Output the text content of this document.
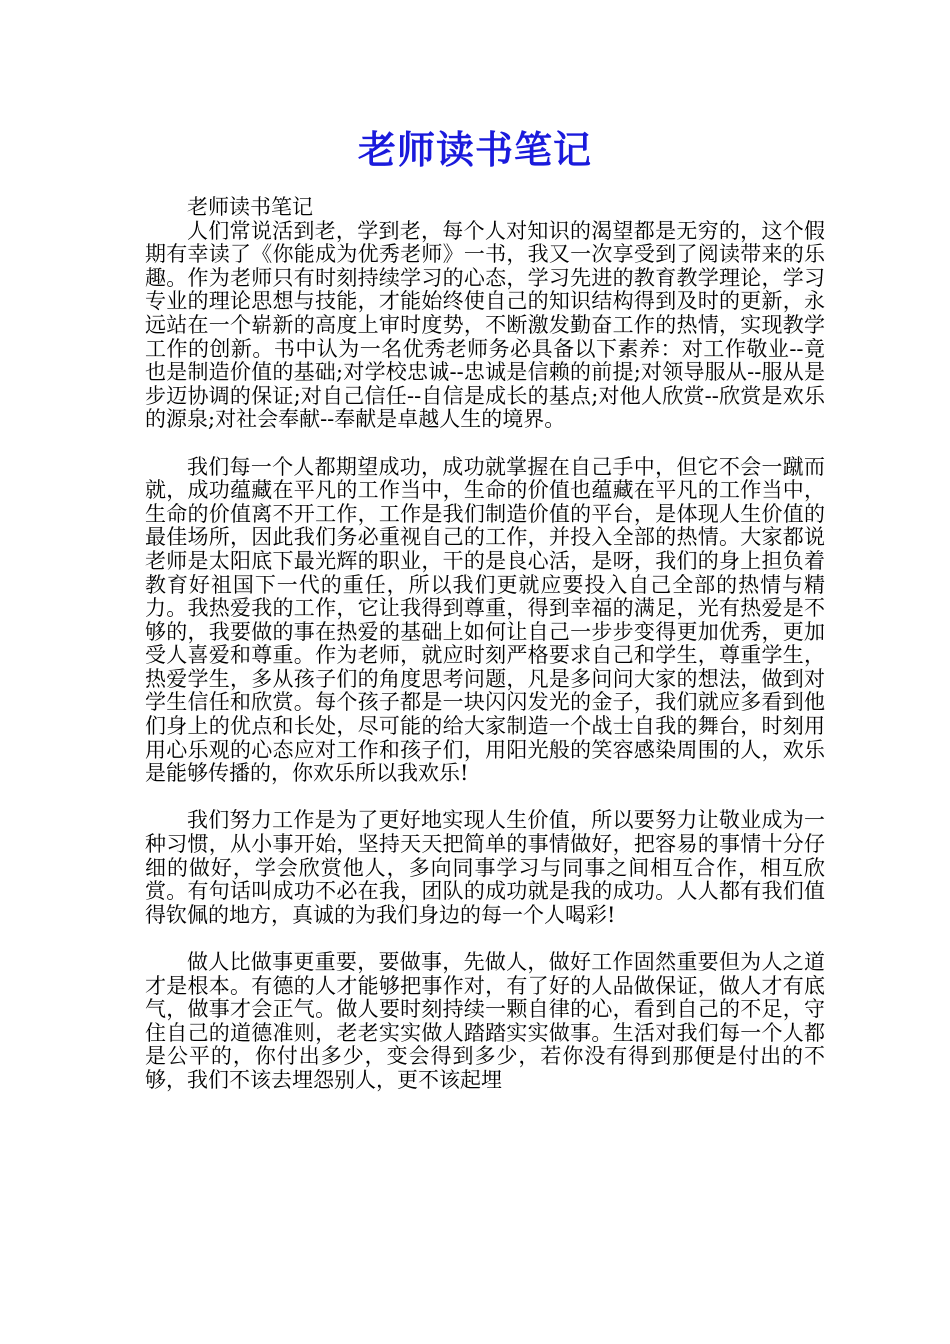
老师读书笔记

老师读书笔记

人们常说活到老，学到老，每个人对知识的渴望都是无穷的，这个假期有幸读了《你能成为优秀老师》一书，我又一次享受到了阅读带来的乐趣。作为老师只有时刻持续学习的心态，学习先进的教育教学理论，学习专业的理论思想与技能，才能始终使自己的知识结构得到及时的更新，永远站在一个崭新的高度上审时度势，不断激发勤奋工作的热情，实现教学工作的创新。书中认为一名优秀老师务必具备以下素养：对工作敬业--竟也是制造价值的基础;对学校忠诚--忠诚是信赖的前提;对领导服从--服从是步迈协调的保证;对自己信任--自信是成长的基点;对他人欣赏--欣赏是欢乐的源泉;对社会奉献--奉献是卓越人生的境界。

我们每一个人都期望成功，成功就掌握在自己手中，但它不会一蹴而就，成功蕴藏在平凡的工作当中，生命的价值也蕴藏在平凡的工作当中，生命的价值离不开工作，工作是我们制造价值的平台，是体现人生价值的最佳场所，因此我们务必重视自己的工作，并投入全部的热情。大家都说老师是太阳底下最光辉的职业，干的是良心活，是呀，我们的身上担负着教育好祖国下一代的重任，所以我们更就应要投入自己全部的热情与精力。我热爱我的工作，它让我得到尊重，得到幸福的满足，光有热爱是不够的，我要做的事在热爱的基础上如何让自己一步步变得更加优秀，更加受人喜爱和尊重。作为老师，就应时刻严格要求自己和学生，尊重学生，热爱学生，多从孩子们的角度思考问题，凡是多问问大家的想法，做到对学生信任和欣赏。每个孩子都是一块闪闪发光的金子，我们就应多看到他们身上的优点和长处，尽可能的给大家制造一个战士自我的舞台，时刻用用心乐观的心态应对工作和孩子们，用阳光般的笑容感染周围的人，欢乐是能够传播的，你欢乐所以我欢乐!

我们努力工作是为了更好地实现人生价值，所以要努力让敬业成为一种习惯，从小事开始，坚持天天把简单的事情做好，把容易的事情十分仔细的做好，学会欣赏他人，多向同事学习与同事之间相互合作，相互欣赏。有句话叫成功不必在我，团队的成功就是我的成功。人人都有我们值得钦佩的地方，真诚的为我们身边的每一个人喝彩!

做人比做事更重要，要做事，先做人，做好工作固然重要但为人之道才是根本。有德的人才能够把事作对，有了好的人品做保证，做人才有底气，做事才会正气。做人要时刻持续一颗自律的心，看到自己的不足，守住自己的道德准则，老老实实做人踏踏实实做事。生活对我们每一个人都是公平的，你付出多少，变会得到多少，若你没有得到那便是付出的不够，我们不该去埋怨别人，更不该起埋
